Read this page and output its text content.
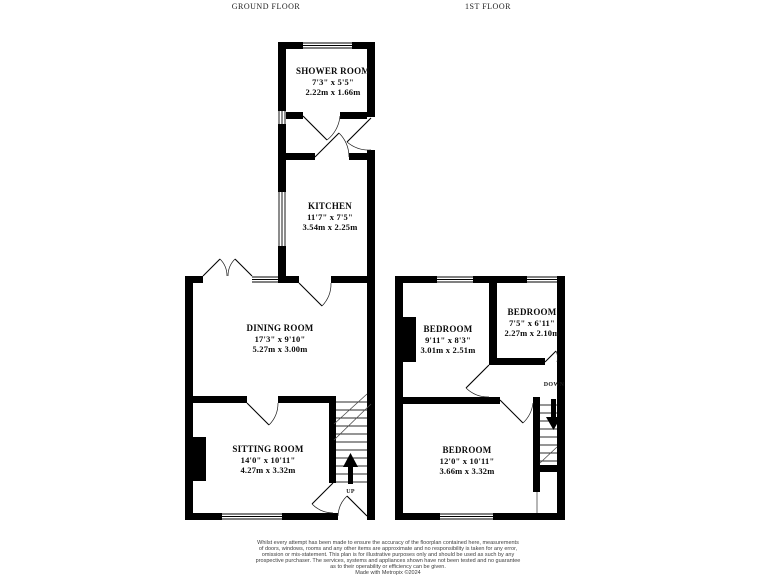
GROUND FLOOR	1ST FLOOR
SHOWER ROOM
7'3" x 5'5"
2.22m x 1.66m
KITCHEN
11'7" x 7'5"
3.54m x 2.25m
DINING ROOM
17'3" x 9'10"
5.27m x 3.00m
SITTING ROOM
14'0" x 10'11"
4.27m x 3.32m
BEDROOM
9'11" x 8'3"
3.01m x 2.51m
BEDROOM
7'5" x 6'11"
2.27m x 2.10m
BEDROOM
12'0" x 10'11"
3.66m x 3.32m
UP
DOWN
Whilst every attempt has been made to ensure the accuracy of the floorplan contained here, measurements
of doors, windows, rooms and any other items are approximate and no responsibility is taken for any error,
omission or mis-statement. This plan is for illustrative purposes only and should be used as such by any
prospective purchaser. The services, systems and appliances shown have not been tested and no guarantee
as to their operability or efficiency can be given.
Made with Metropix ©2024
